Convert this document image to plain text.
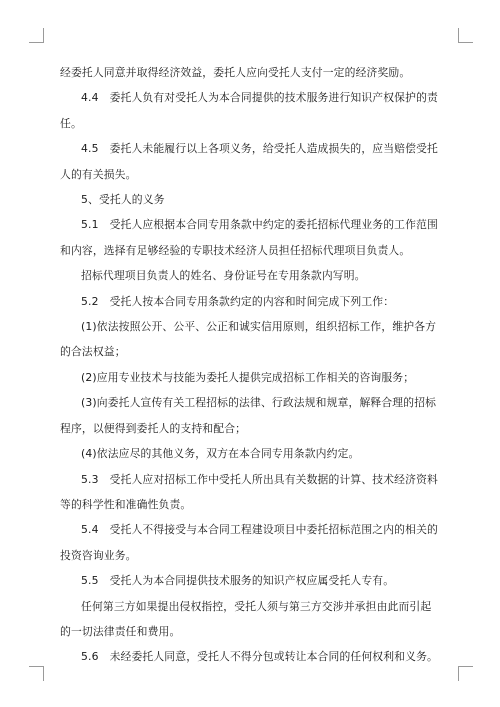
经委托人同意并取得经济效益，委托人应向受托人支付一定的经济奖励。

4.4 委托人负有对受托人为本合同提供的技术服务进行知识产权保护的责任。

4.5 委托人未能履行以上各项义务，给受托人造成损失的，应当赔偿受托人的有关损失。

5、受托人的义务

5.1 受托人应根据本合同专用条款中约定的委托招标代理业务的工作范围和内容，选择有足够经验的专职技术经济人员担任招标代理项目负责人。

招标代理项目负责人的姓名、身份证号在专用条款内写明。

5.2 受托人按本合同专用条款约定的内容和时间完成下列工作：

(1)依法按照公开、公平、公正和诚实信用原则，组织招标工作，维护各方的合法权益；

(2)应用专业技术与技能为委托人提供完成招标工作相关的咨询服务；

(3)向委托人宣传有关工程招标的法律、行政法规和规章，解释合理的招标程序，以便得到委托人的支持和配合；

(4)依法应尽的其他义务，双方在本合同专用条款内约定。

5.3 受托人应对招标工作中受托人所出具有关数据的计算、技术经济资料等的科学性和准确性负责。

5.4 受托人不得接受与本合同工程建设项目中委托招标范围之内的相关的投资咨询业务。

5.5 受托人为本合同提供技术服务的知识产权应属受托人专有。

任何第三方如果提出侵权指控，受托人须与第三方交涉并承担由此而引起的一切法律责任和费用。

5.6 未经委托人同意，受托人不得分包或转让本合同的任何权利和义务。
